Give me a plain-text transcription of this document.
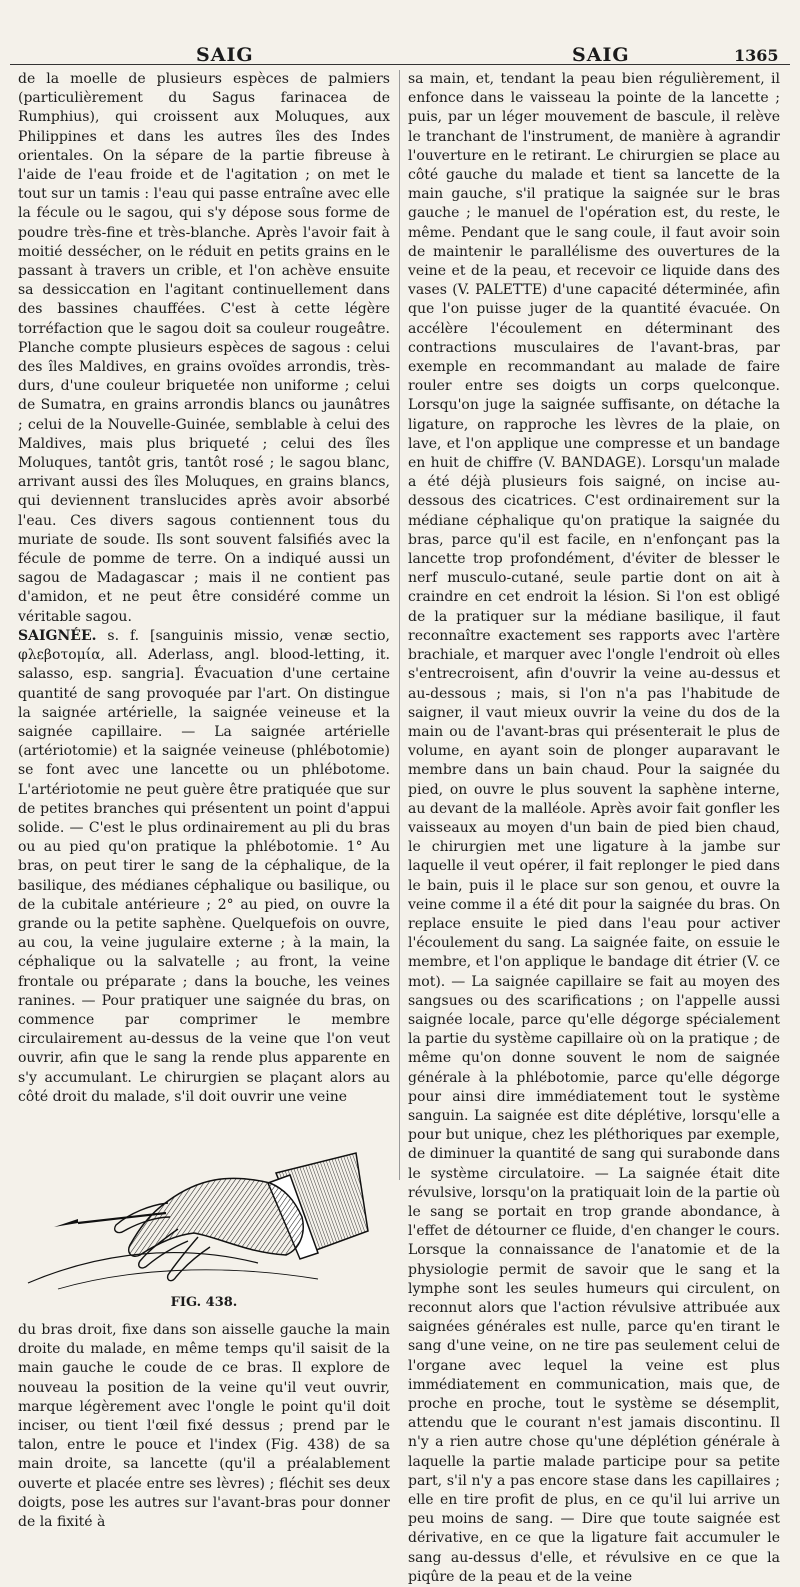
SAIG	SAIG	1365

de la moelle de plusieurs espèces de palmiers (particulièrement du Sagus farinacea de Rumphius), qui croissent aux Moluques, aux Philippines et dans les autres îles des Indes orientales. On la sépare de la partie fibreuse à l'aide de l'eau froide et de l'agitation ; on met le tout sur un tamis : l'eau qui passe entraîne avec elle la fécule ou le sagou, qui s'y dépose sous forme de poudre très-fine et très-blanche. Après l'avoir fait à moitié dessécher, on le réduit en petits grains en le passant à travers un crible, et l'on achève ensuite sa dessiccation en l'agitant continuellement dans des bassines chauffées. C'est à cette légère torréfaction que le sagou doit sa couleur rougeâtre. Planche compte plusieurs espèces de sagous : celui des îles Maldives, en grains ovoïdes arrondis, très-durs, d'une couleur briquetée non uniforme ; celui de Sumatra, en grains arrondis blancs ou jaunâtres ; celui de la Nouvelle-Guinée, semblable à celui des Maldives, mais plus briqueté ; celui des îles Moluques, tantôt gris, tantôt rosé ; le sagou blanc, arrivant aussi des îles Moluques, en grains blancs, qui deviennent translucides après avoir absorbé l'eau. Ces divers sagous contiennent tous du muriate de soude. Ils sont souvent falsifiés avec la fécule de pomme de terre. On a indiqué aussi un sagou de Madagascar ; mais il ne contient pas d'amidon, et ne peut être considéré comme un véritable sagou.

SAIGNÉE. s. f. [sanguinis missio, venæ sectio, φλεβοτομία, all. Aderlass, angl. blood-letting, it. salasso, esp. sangria]. Évacuation d'une certaine quantité de sang provoquée par l'art. On distingue la saignée artérielle, la saignée veineuse et la saignée capillaire. — La saignée artérielle (artériotomie) et la saignée veineuse (phlébotomie) se font avec une lancette ou un phlébotome. L'artériotomie ne peut guère être pratiquée que sur de petites branches qui présentent un point d'appui solide. — C'est le plus ordinairement au pli du bras ou au pied qu'on pratique la phlébotomie. 1° Au bras, on peut tirer le sang de la céphalique, de la basilique, des médianes céphalique ou basilique, ou de la cubitale antérieure ; 2° au pied, on ouvre la grande ou la petite saphène. Quelquefois on ouvre, au cou, la veine jugulaire externe ; à la main, la céphalique ou la salvatelle ; au front, la veine frontale ou préparate ; dans la bouche, les veines ranines. — Pour pratiquer une saignée du bras, on commence par comprimer le membre circulairement au-dessus de la veine que l'on veut ouvrir, afin que le sang la rende plus apparente en s'y accumulant. Le chirurgien se plaçant alors au côté droit du malade, s'il doit ouvrir une veine

FIG. 438.

du bras droit, fixe dans son aisselle gauche la main droite du malade, en même temps qu'il saisit de la main gauche le coude de ce bras. Il explore de nouveau la position de la veine qu'il veut ouvrir, marque légèrement avec l'ongle le point qu'il doit inciser, ou tient l'œil fixé dessus ; prend par le talon, entre le pouce et l'index (Fig. 438) de sa main droite, sa lancette (qu'il a préalablement ouverte et placée entre ses lèvres) ; fléchit ses deux doigts, pose les autres sur l'avant-bras pour donner de la fixité à

sa main, et, tendant la peau bien régulièrement, il enfonce dans le vaisseau la pointe de la lancette ; puis, par un léger mouvement de bascule, il relève le tranchant de l'instrument, de manière à agrandir l'ouverture en le retirant. Le chirurgien se place au côté gauche du malade et tient sa lancette de la main gauche, s'il pratique la saignée sur le bras gauche ; le manuel de l'opération est, du reste, le même. Pendant que le sang coule, il faut avoir soin de maintenir le parallélisme des ouvertures de la veine et de la peau, et recevoir ce liquide dans des vases (V. PALETTE) d'une capacité déterminée, afin que l'on puisse juger de la quantité évacuée. On accélère l'écoulement en déterminant des contractions musculaires de l'avant-bras, par exemple en recommandant au malade de faire rouler entre ses doigts un corps quelconque. Lorsqu'on juge la saignée suffisante, on détache la ligature, on rapproche les lèvres de la plaie, on lave, et l'on applique une compresse et un bandage en huit de chiffre (V. BANDAGE). Lorsqu'un malade a été déjà plusieurs fois saigné, on incise au-dessous des cicatrices. C'est ordinairement sur la médiane céphalique qu'on pratique la saignée du bras, parce qu'il est facile, en n'enfonçant pas la lancette trop profondément, d'éviter de blesser le nerf musculo-cutané, seule partie dont on ait à craindre en cet endroit la lésion. Si l'on est obligé de la pratiquer sur la médiane basilique, il faut reconnaître exactement ses rapports avec l'artère brachiale, et marquer avec l'ongle l'endroit où elles s'entrecroisent, afin d'ouvrir la veine au-dessus et au-dessous ; mais, si l'on n'a pas l'habitude de saigner, il vaut mieux ouvrir la veine du dos de la main ou de l'avant-bras qui présenterait le plus de volume, en ayant soin de plonger auparavant le membre dans un bain chaud. Pour la saignée du pied, on ouvre le plus souvent la saphène interne, au devant de la malléole. Après avoir fait gonfler les vaisseaux au moyen d'un bain de pied bien chaud, le chirurgien met une ligature à la jambe sur laquelle il veut opérer, il fait replonger le pied dans le bain, puis il le place sur son genou, et ouvre la veine comme il a été dit pour la saignée du bras. On replace ensuite le pied dans l'eau pour activer l'écoulement du sang. La saignée faite, on essuie le membre, et l'on applique le bandage dit étrier (V. ce mot). — La saignée capillaire se fait au moyen des sangsues ou des scarifications ; on l'appelle aussi saignée locale, parce qu'elle dégorge spécialement la partie du système capillaire où on la pratique ; de même qu'on donne souvent le nom de saignée générale à la phlébotomie, parce qu'elle dégorge pour ainsi dire immédiatement tout le système sanguin. La saignée est dite déplétive, lorsqu'elle a pour but unique, chez les pléthoriques par exemple, de diminuer la quantité de sang qui surabonde dans le système circulatoire. — La saignée était dite révulsive, lorsqu'on la pratiquait loin de la partie où le sang se portait en trop grande abondance, à l'effet de détourner ce fluide, d'en changer le cours. Lorsque la connaissance de l'anatomie et de la physiologie permit de savoir que le sang et la lymphe sont les seules humeurs qui circulent, on reconnut alors que l'action révulsive attribuée aux saignées générales est nulle, parce qu'en tirant le sang d'une veine, on ne tire pas seulement celui de l'organe avec lequel la veine est plus immédiatement en communication, mais que, de proche en proche, tout le système se désemplit, attendu que le courant n'est jamais discontinu. Il n'y a rien autre chose qu'une déplétion générale à laquelle la partie malade participe pour sa petite part, s'il n'y a pas encore stase dans les capillaires ; elle en tire profit de plus, en ce qu'il lui arrive un peu moins de sang. — Dire que toute saignée est dérivative, en ce que la ligature fait accumuler le sang au-dessus d'elle, et révulsive en ce que la piqûre de la peau et de la veine
